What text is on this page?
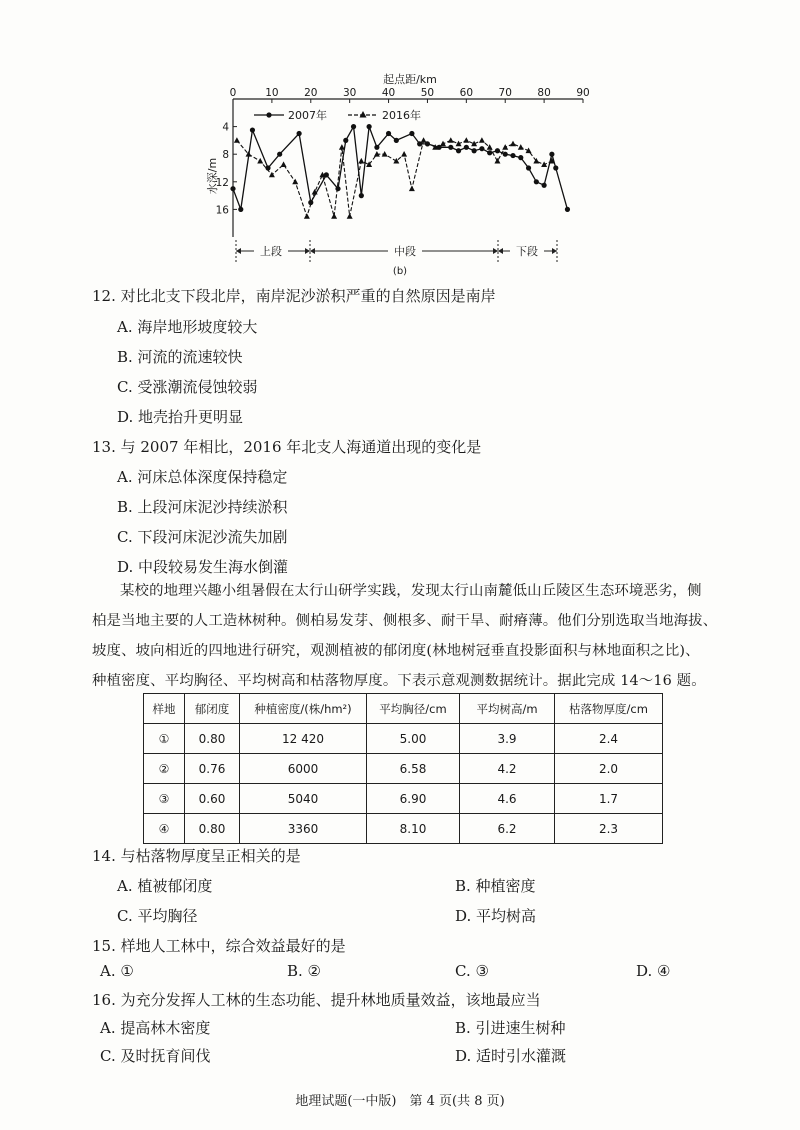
起点距/km
0	10 20 30 40 50 60 70 80 90
4
8
12
16
水深/m
2007年	2016年
上段	中段	下段
(b)
12. 对比北支下段北岸，南岸泥沙淤积严重的自然原因是南岸
A. 海岸地形坡度较大
B. 河流的流速较快
C. 受涨潮流侵蚀较弱
D. 地壳抬升更明显
13. 与 2007 年相比，2016 年北支人海通道出现的变化是
A. 河床总体深度保持稳定
B. 上段河床泥沙持续淤积
C. 下段河床泥沙流失加剧
D. 中段较易发生海水倒灌
某校的地理兴趣小组暑假在太行山研学实践，发现太行山南麓低山丘陵区生态环境恶劣，侧
柏是当地主要的人工造林树种。侧柏易发芽、侧根多、耐干旱、耐瘠薄。他们分别选取当地海拔、
坡度、坡向相近的四地进行研究，观测植被的郁闭度(林地树冠垂直投影面积与林地面积之比)、
种植密度、平均胸径、平均树高和枯落物厚度。下表示意观测数据统计。据此完成 14～16 题。
样地	郁闭度	种植密度/(株/hm²)	平均胸径/cm	平均树高/m	枯落物厚度/cm
①	0.80	12 420	5.00	3.9	2.4
②	0.76	6000	6.58	4.2	2.0
③	0.60	5040	6.90	4.6	1.7
④	0.80	3360	8.10	6.2	2.3
14. 与枯落物厚度呈正相关的是
A. 植被郁闭度	B. 种植密度
C. 平均胸径	D. 平均树高
15. 样地人工林中，综合效益最好的是
A. ①	B. ②	C. ③	D. ④
16. 为充分发挥人工林的生态功能、提升林地质量效益，该地最应当
A. 提高林木密度	B. 引进速生树种
C. 及时抚育间伐	D. 适时引水灌溉
地理试题(一中版)　第 4 页(共 8 页)
